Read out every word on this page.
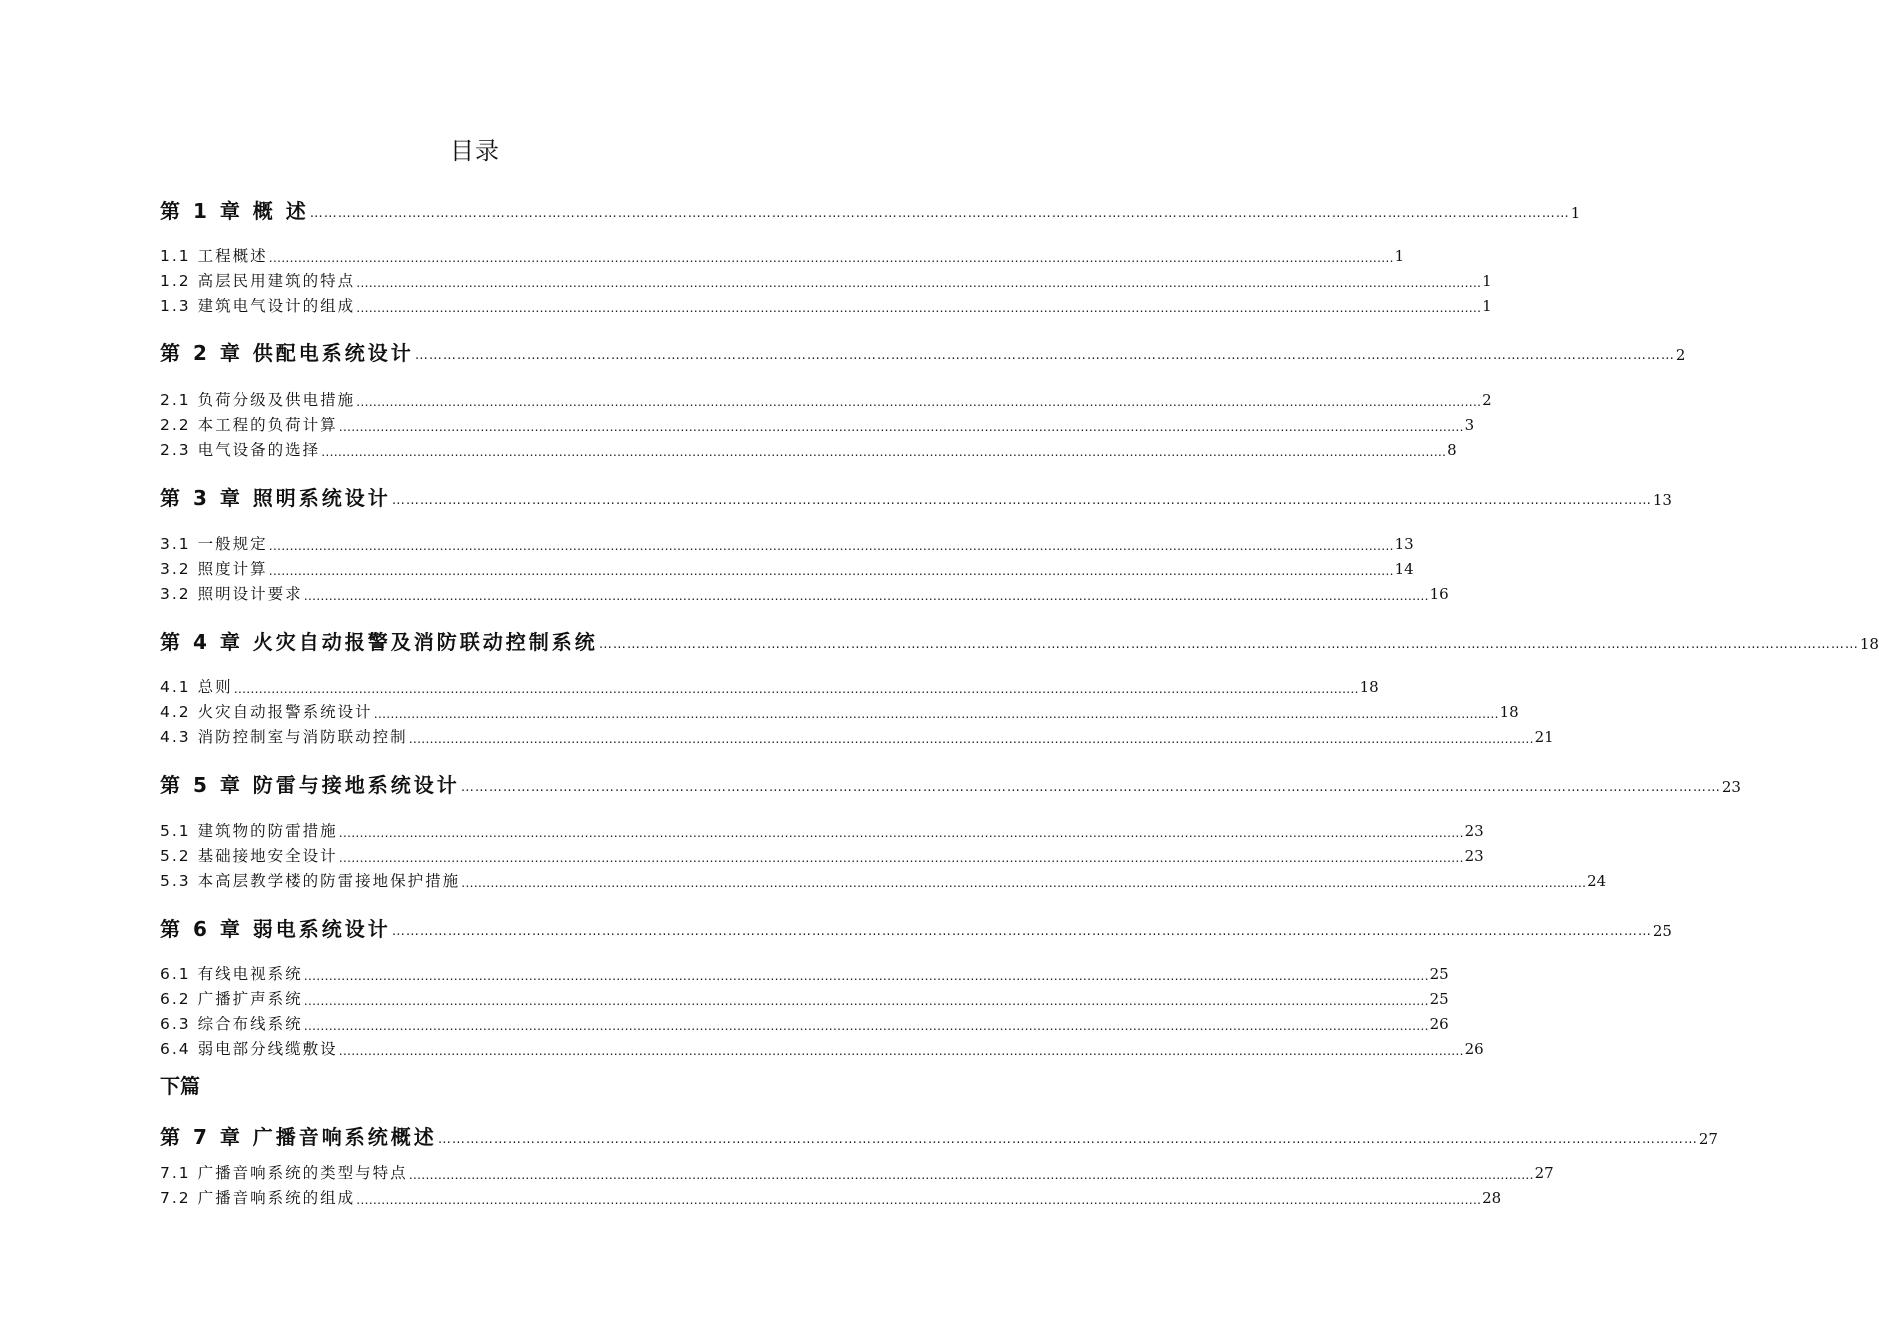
目录
第 1 章 概 述 ……………………………………………………………………………………………………………………………………………………………………………………………………………………………………………… 1
1.1 工程概述 ……………………………………………………………………………………………………………………………………………………………………………………………………………………………………………… 1
1.2 高层民用建筑的特点 ……………………………………………………………………………………………………………………………………………………………………………………………………………………………………………… 1
1.3 建筑电气设计的组成 ……………………………………………………………………………………………………………………………………………………………………………………………………………………………………………… 1
第 2 章 供配电系统设计 ……………………………………………………………………………………………………………………………………………………………………………………………………………………………………………… 2
2.1 负荷分级及供电措施 ……………………………………………………………………………………………………………………………………………………………………………………………………………………………………………… 2
2.2 本工程的负荷计算 ……………………………………………………………………………………………………………………………………………………………………………………………………………………………………………… 3
2.3 电气设备的选择 ……………………………………………………………………………………………………………………………………………………………………………………………………………………………………………… 8
第 3 章 照明系统设计 ……………………………………………………………………………………………………………………………………………………………………………………………………………………………………………… 13
3.1 一般规定 ……………………………………………………………………………………………………………………………………………………………………………………………………………………………………………… 13
3.2 照度计算 ……………………………………………………………………………………………………………………………………………………………………………………………………………………………………………… 14
3.2 照明设计要求 ……………………………………………………………………………………………………………………………………………………………………………………………………………………………………………… 16
第 4 章 火灾自动报警及消防联动控制系统 ……………………………………………………………………………………………………………………………………………………………………………………………………………………………………………… 18
4.1 总则 ……………………………………………………………………………………………………………………………………………………………………………………………………………………………………………… 18
4.2 火灾自动报警系统设计 ……………………………………………………………………………………………………………………………………………………………………………………………………………………………………………… 18
4.3 消防控制室与消防联动控制 ……………………………………………………………………………………………………………………………………………………………………………………………………………………………………………… 21
第 5 章 防雷与接地系统设计 ……………………………………………………………………………………………………………………………………………………………………………………………………………………………………………… 23
5.1 建筑物的防雷措施 ……………………………………………………………………………………………………………………………………………………………………………………………………………………………………………… 23
5.2 基础接地安全设计 ……………………………………………………………………………………………………………………………………………………………………………………………………………………………………………… 23
5.3 本高层教学楼的防雷接地保护措施 ……………………………………………………………………………………………………………………………………………………………………………………………………………………………………………… 24
第 6 章 弱电系统设计 ……………………………………………………………………………………………………………………………………………………………………………………………………………………………………………… 25
6.1 有线电视系统 ……………………………………………………………………………………………………………………………………………………………………………………………………………………………………………… 25
6.2 广播扩声系统 ……………………………………………………………………………………………………………………………………………………………………………………………………………………………………………… 25
6.3 综合布线系统 ……………………………………………………………………………………………………………………………………………………………………………………………………………………………………………… 26
6.4 弱电部分线缆敷设 ……………………………………………………………………………………………………………………………………………………………………………………………………………………………………………… 26
下篇
第 7 章 广播音响系统概述 ……………………………………………………………………………………………………………………………………………………………………………………………………………………………………………… 27
7.1 广播音响系统的类型与特点 ……………………………………………………………………………………………………………………………………………………………………………………………………………………………………………… 27
7.2 广播音响系统的组成 ……………………………………………………………………………………………………………………………………………………………………………………………………………………………………………… 28
